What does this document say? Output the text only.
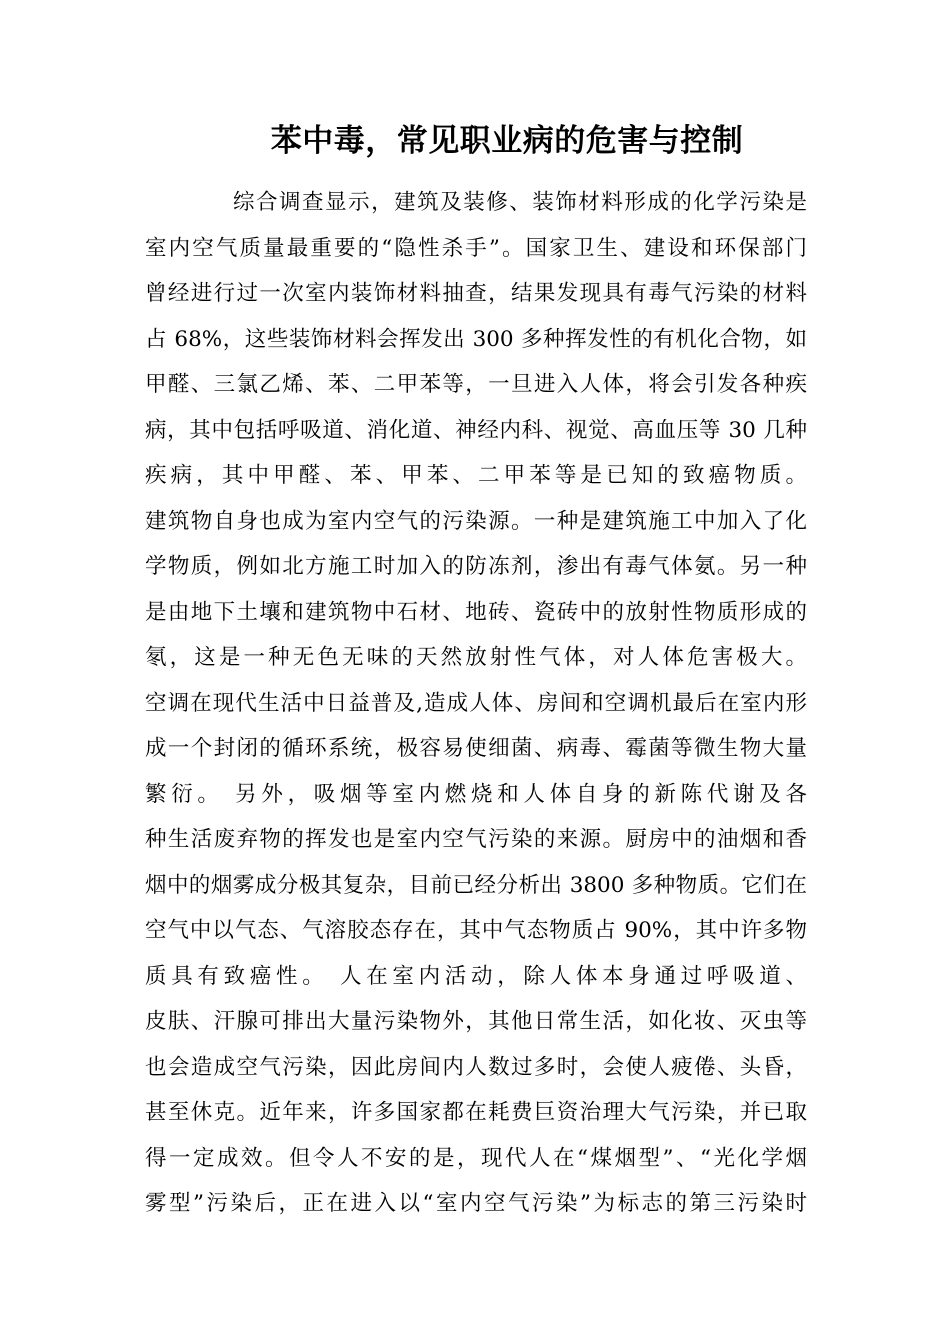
苯中毒，常见职业病的危害与控制
综合调查显示，建筑及装修、装饰材料形成的化学污染是
室内空气质量最重要的“隐性杀手”。国家卫生、建设和环保部门
曾经进行过一次室内装饰材料抽查，结果发现具有毒气污染的材料
占 68%，这些装饰材料会挥发出 300 多种挥发性的有机化合物，如
甲醛、三氯乙烯、苯、二甲苯等，一旦进入人体，将会引发各种疾
病，其中包括呼吸道、消化道、神经内科、视觉、高血压等 30 几种
疾病，其中甲醛、苯、甲苯、二甲苯等是已知的致癌物质。
建筑物自身也成为室内空气的污染源。一种是建筑施工中加入了化
学物质，例如北方施工时加入的防冻剂，渗出有毒气体氨。另一种
是由地下土壤和建筑物中石材、地砖、瓷砖中的放射性物质形成的
氡，这是一种无色无味的天然放射性气体，对人体危害极大。
空调在现代生活中日益普及,造成人体、房间和空调机最后在室内形
成一个封闭的循环系统，极容易使细菌、病毒、霉菌等微生物大量
繁衍。 另外，吸烟等室内燃烧和人体自身的新陈代谢及各
种生活废弃物的挥发也是室内空气污染的来源。厨房中的油烟和香
烟中的烟雾成分极其复杂，目前已经分析出 3800 多种物质。它们在
空气中以气态、气溶胶态存在，其中气态物质占 90%，其中许多物
质具有致癌性。 人在室内活动，除人体本身通过呼吸道、
皮肤、汗腺可排出大量污染物外，其他日常生活，如化妆、灭虫等
也会造成空气污染，因此房间内人数过多时，会使人疲倦、头昏，
甚至休克。近年来，许多国家都在耗费巨资治理大气污染，并已取
得一定成效。但令人不安的是，现代人在“煤烟型”、“光化学烟
雾型”污染后，正在进入以“室内空气污染”为标志的第三污染时
